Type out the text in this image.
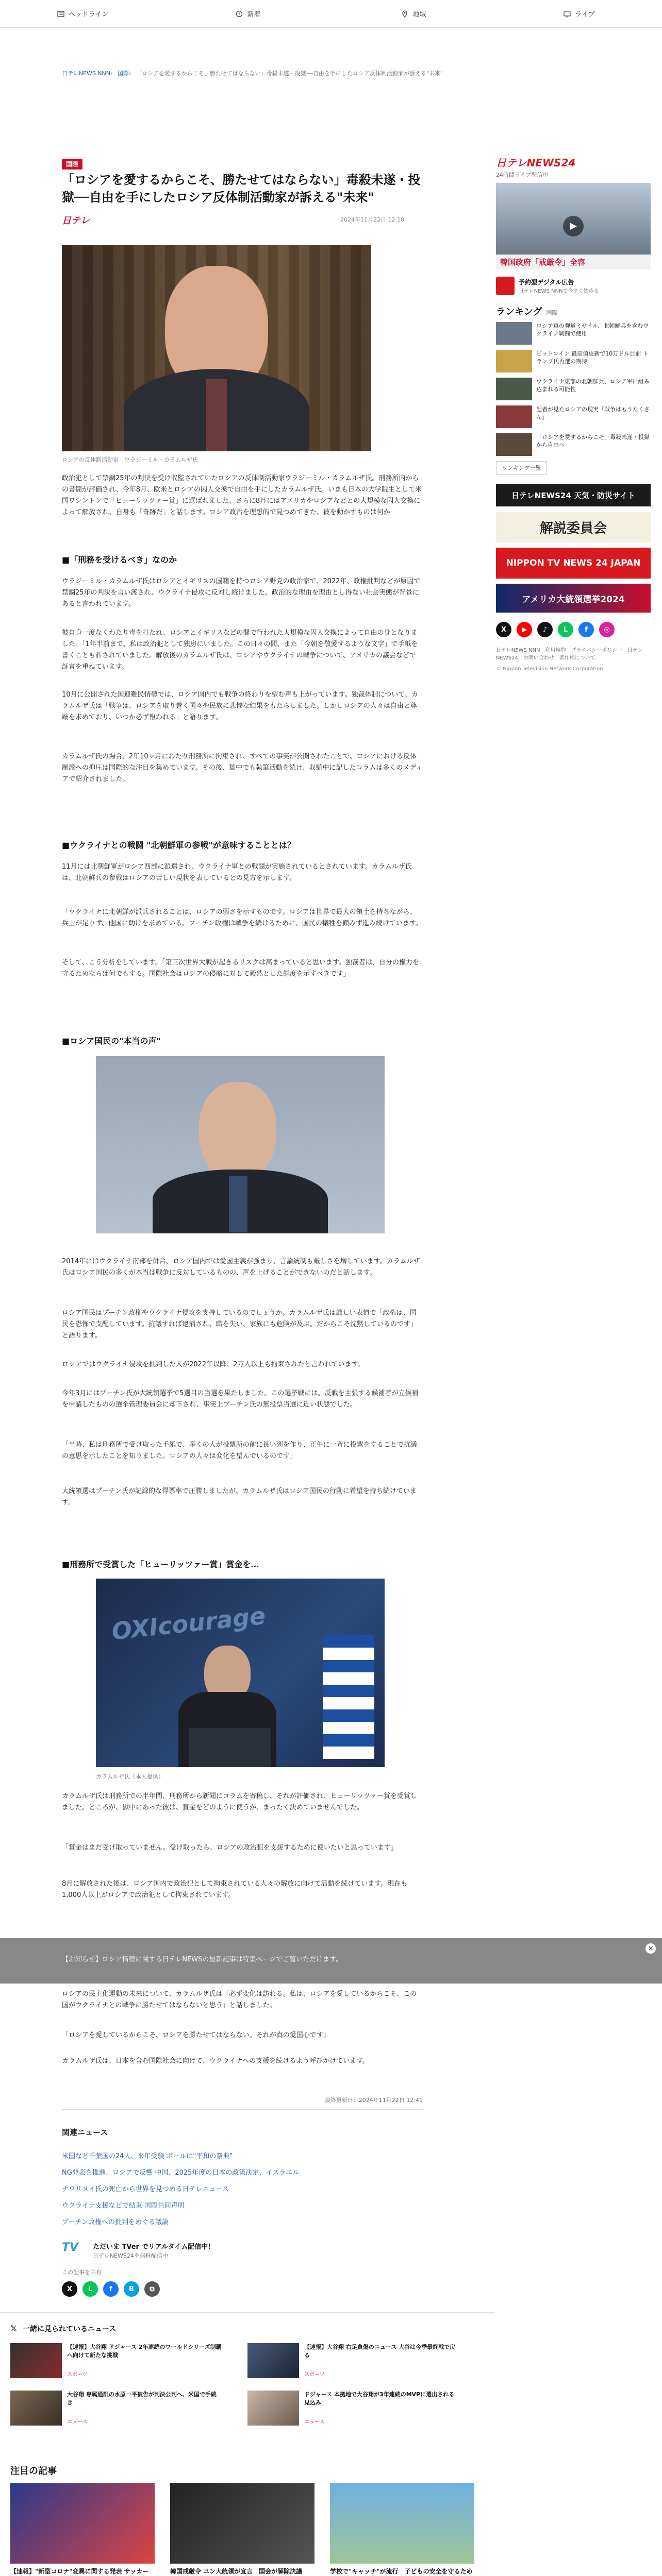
ヘッドライン	新着	地域	ライブ
日テレNEWS NNN› 国際› 「ロシアを愛するからこそ、勝たせてはならない」毒殺未遂・投獄──自由を手にしたロシア反体制活動家が訴える"未来"
国際
「ロシアを愛するからこそ、勝たせてはならない」毒殺未遂・投獄──自由を手にしたロシア反体制活動家が訴える"未来"
日テレ	2024年11月22日 12:10
ロシアの反体制活動家　ウラジーミル・カラムルザ氏

政治犯として禁錮25年の判決を受け収監されていたロシアの反体制活動家ウラジーミル・カラムルザ氏。刑務所内からの書簡が評価され、今年8月、欧米とロシアの囚人交換で自由を手にしたカラムルザ氏。いまも日本の大学院生として米国ワシントンで「ヒューリッツァー賞」に選ばれました。さらに8月にはアメリカやロシアなどとの大規模な囚人交換によって解放され、自身も「奇跡だ」と話します。ロシア政治を理想的で見つめてきた、彼を動かすものは何か

■「刑務を受けるべき」なのか

ウラジーミル・カラムルザ氏はロシアとイギリスの国籍を持つロシア野党の政治家で、2022年、政権批判などが原因で禁錮25年の判決を言い渡され、ウクライナ侵攻に反対し続けました。政治的な理由を理由とし得ない社会実態が背景にあると言われています。

彼自身一度なくわたり毒を打たれ、ロシアとイギリスなどの間で行われた大規模な囚人交換によって自由の身となりました。「1年半前まで、私は政治犯として独房にいました。この日々の間、また「今朝を敬愛するような文字」で手紙を書くことも許されていました。解放後のカラムルザ氏は、ロシアやウクライナの戦争について、アメリカの議会などで証言を重ねています。

10月に公開された国連難民情勢では、ロシア国内でも戦争の終わりを望む声も上がっています。独裁体制について、カラムルザ氏は「戦争は、ロシアを取り巻く国々や民族に悲惨な結果をもたらしました。しかしロシアの人々は自由と尊厳を求めており、いつか必ず報われる」と語ります。

カラムルザ氏の場合、2年10ヶ月にわたり刑務所に拘束され、すべての事実が公開されたことで、ロシアにおける反体制派への抑圧は国際的な注目を集めています。その後、獄中でも執筆活動を続け、収監中に記したコラムは多くのメディアで紹介されました。

■ウクライナとの戦闘 "北朝鮮軍の参戦"が意味することとは？

11月には北朝鮮軍がロシア西部に派遣され、ウクライナ軍との戦闘が実施されているとされています。カラムルザ氏は、北朝鮮兵の参戦はロシアの苦しい現状を表しているとの見方を示します。

「ウクライナに北朝鮮が派兵されることは、ロシアの弱さを示すものです。ロシアは世界で最大の領土を持ちながら、兵士が足りず、他国に助けを求めている。プーチン政権は戦争を続けるために、国民の犠牲を顧みず進み続けています。」

そして、こう分析をしています。「第三次世界大戦が起きるリスクは高まっていると思います。独裁者は、自分の権力を守るためならば何でもする。国際社会はロシアの侵略に対して毅然とした態度を示すべきです」

■ロシア国民の"本当の声"

2014年にはウクライナ南部を併合、ロシア国内では愛国主義が強まり、言論統制も厳しさを増しています。カラムルザ氏はロシア国民の多くが本当は戦争に反対しているものの、声を上げることができないのだと話します。

ロシア国民はプーチン政権やウクライナ侵攻を支持しているのでしょうか。カラムルザ氏は厳しい表情で「政権は、国民を恐怖で支配しています。抗議すれば逮捕され、職を失い、家族にも危険が及ぶ。だからこそ沈黙しているのです」と語ります。

ロシアではウクライナ侵攻を批判した人が2022年以降、2万人以上も拘束されたと言われています。

今年3月にはプーチン氏が大統領選挙で5選目の当選を果たしました。この選挙戦には、反戦を主張する候補者が立候補を申請したものの選挙管理委員会に却下され、事実上プーチン氏の無投票当選に近い状態でした。

「当時、私は刑務所で受け取った手紙で、多くの人が投票所の前に長い列を作り、正午に一斉に投票をすることで抗議の意思を示したことを知りました。ロシアの人々は変化を望んでいるのです」

大統領選はプーチン氏が記録的な得票率で圧勝しましたが、カラムルザ氏はロシア国民の行動に希望を持ち続けています。

■刑務所で受賞した「ヒューリッツァー賞」賞金を…
OXIcourage
カラムルザ氏（本人提供）

カラムルザ氏は刑務所での半年間、刑務所から新聞にコラムを寄稿し、それが評価され、ヒューリッツァー賞を受賞しました。ところが、獄中にあった彼は、賞金をどのように使うか、まったく決めていませんでした。

「賞金はまだ受け取っていません。受け取ったら、ロシアの政治犯を支援するために使いたいと思っています」

8月に解放された後は、ロシア国内で政治犯として拘束されている人々の解放に向けて活動を続けています。現在も1,000人以上がロシアで政治犯として拘束されています。

【お知らせ】ロシア情勢に関する日テレNEWSの最新記事は特集ページでご覧いただけます。
×

ロシアの民主化運動の未来について、カラムルザ氏は「必ず変化は訪れる。私は、ロシアを愛しているからこそ、この国がウクライナとの戦争に勝たせてはならないと思う」と話しました。

「ロシアを愛しているからこそ、ロシアを勝たせてはならない。それが真の愛国心です」

カラムルザ氏は、日本を含む国際社会に向けて、ウクライナへの支援を続けるよう呼びかけています。

最終更新日：2024年11月22日 12:41
関連ニュース
米国など千葉国の24人、来年受験 ポールは"平和の祭典"
NG発表を推進、ロシアで反響 中国、2025年度の日本の政策決定、イスラエル
ナワリヌイ氏の死亡から世界を見つめる日テレニュース
ウクライナ支援などで結束 国際共同声明
プーチン政権への批判をめぐる議論
TV	ただいま TVer でリアルタイム配信中！
日テレNEWS24を無料配信中
この記事を共有
X	L	f	B	⧉
𝕏 一緒に見られているニュース
【速報】大谷翔 ドジャース 2年連続のワールドシリーズ制覇へ向けて新たな挑戦
スポーツ
【速報】大谷翔 右足負傷のニュース 大谷は今季最終戦で戻る
スポーツ
大谷翔 専属通訳の水原一平被告が判決公判へ、米国で手続き
ニュース
ドジャース 本拠地で大谷翔が3年連続のMVPに選出される見込み
ニュース
注目の記事
【速報】"新型コロナ"変異に関する発表 サッカー	韓国戒厳令 ユン大統領が宣言　国会が解除決議	学校で"キャッチ"が流行　子どもの安全を守るため
日テレNEWS24
24時間ライブ配信中
▶
韓国政府「戒厳令」全容
予約型デジタル広告
日テレNEWS NNNで今すぐ始める
ランキング 国際
ロシア軍の弾道ミサイル、北朝鮮兵を含むウクライナ戦闘で使用
ビットコイン 最高値更新で10万ドル目前 トランプ氏再選の期待
ウクライナ東部の北朝鮮兵、ロシア軍に組み込まれる可能性
記者が見たロシアの現実「戦争はもうたくさん」
「ロシアを愛するからこそ」毒殺未遂・投獄から自由へ
ランキング一覧
日テレNEWS24 天気・防災サイト
解説委員会
NIPPON TV NEWS 24 JAPAN
アメリカ大統領選挙2024
X	▶	♪	L	f	◎
日テレNEWS NNN　利用規約　プライバシーポリシー　日テレNEWS24　お問い合わせ　著作権について
© Nippon Television Network Corporation
